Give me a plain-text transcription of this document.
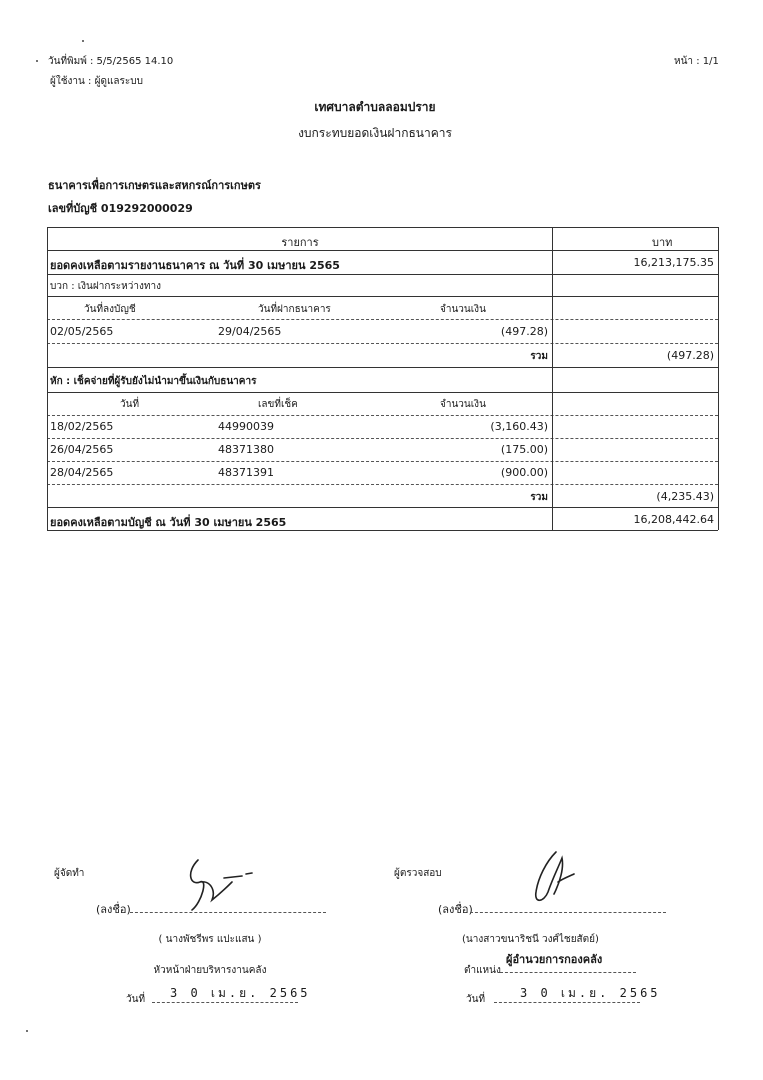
วันที่พิมพ์ : 5/5/2565 14.10	หน้า : 1/1
ผู้ใช้งาน : ผู้ดูแลระบบ
เทศบาลตำบลลอมปราย
งบกระทบยอดเงินฝากธนาคาร
ธนาคารเพื่อการเกษตรและสหกรณ์การเกษตร
เลขที่บัญชี 019292000029
รายการ	บาท
ยอดคงเหลือตามรายงานธนาคาร ณ วันที่ 30 เมษายน 2565	16,213,175.35
บวก : เงินฝากระหว่างทาง
วันที่ลงบัญชี	วันที่ฝากธนาคาร	จำนวนเงิน
02/05/2565	29/04/2565	(497.28)
รวม	(497.28)
หัก : เช็คจ่ายที่ผู้รับยังไม่นำมาขึ้นเงินกับธนาคาร
วันที่	เลขที่เช็ค	จำนวนเงิน
18/02/2565	44990039	(3,160.43)
26/04/2565	48371380	(175.00)
28/04/2565	48371391	(900.00)
รวม	(4,235.43)
ยอดคงเหลือตามบัญชี ณ วันที่ 30 เมษายน 2565	16,208,442.64
ผู้จัดทำ
(ลงชื่อ)
( นางพัชรีพร แปะแสน )
หัวหน้าฝ่ายบริหารงานคลัง
วันที่ 3 0 เม.ย. 2565
ผู้ตรวจสอบ
(ลงชื่อ)
(นางสาวขนาริชนี วงศ์ไชยสัตย์)
ตำแหน่ง
ผู้อำนวยการกองคลัง
วันที่	3 0 เม.ย. 2565
